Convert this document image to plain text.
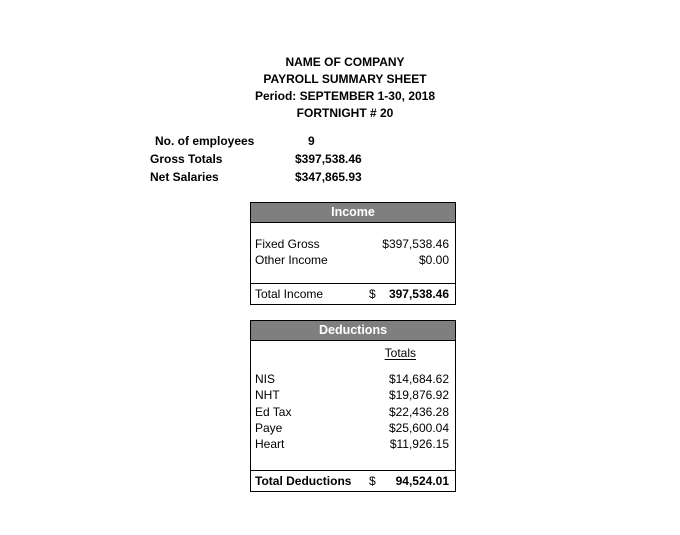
NAME OF COMPANY
PAYROLL SUMMARY SHEET
Period: SEPTEMBER 1-30, 2018
FORTNIGHT # 20
No. of employees	9
Gross Totals	$397,538.46
Net Salaries	$347,865.93
Income
Fixed Gross	$397,538.46
Other Income	$0.00
Total Income	$	397,538.46
Deductions
Totals
NIS	$14,684.62
NHT	$19,876.92
Ed Tax	$22,436.28
Paye	$25,600.04
Heart	$11,926.15
Total Deductions	$	94,524.01
